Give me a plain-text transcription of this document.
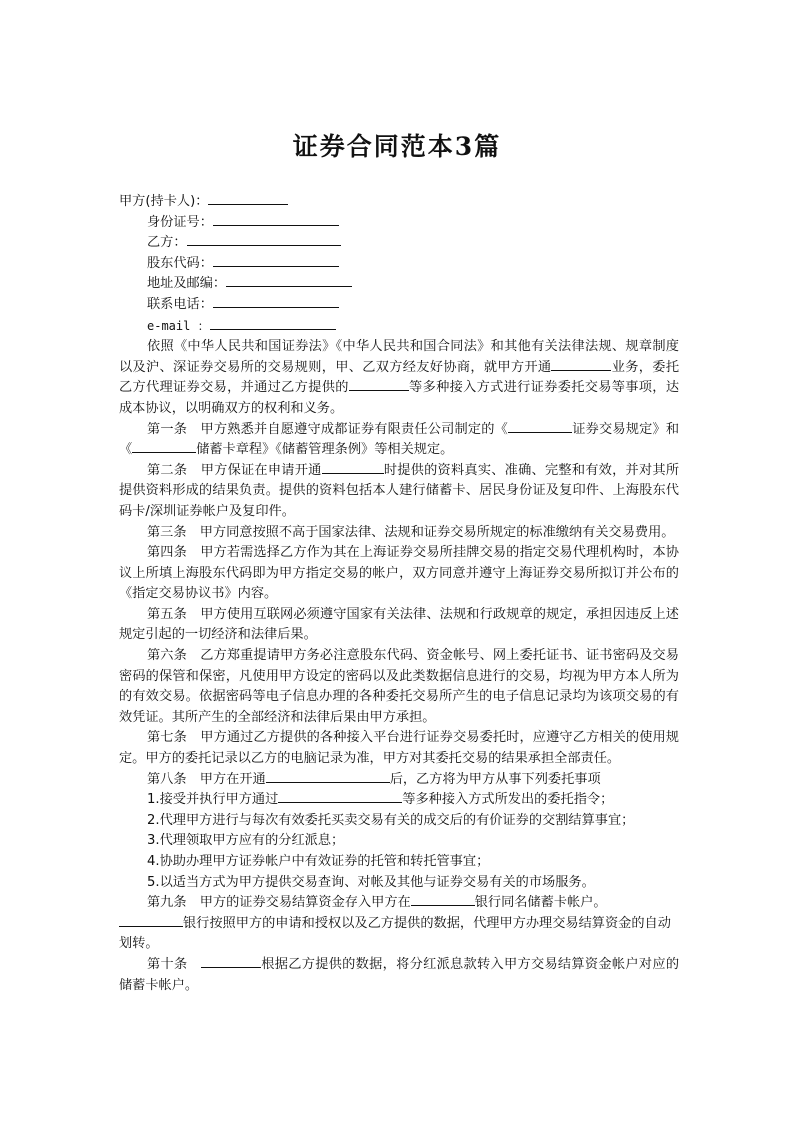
证券合同范本3篇
甲方(持卡人)：
身份证号：
乙方：
股东代码：
地址及邮编：
联系电话：
e-mail ：
依照《中华人民共和国证券法》《中华人民共和国合同法》和其他有关法律法规、规章制度以及沪、深证券交易所的交易规则，甲、乙双方经友好协商，就甲方开通	业务，委托乙方代理证券交易，并通过乙方提供的	等多种接入方式进行证券委托交易等事项，达成本协议，以明确双方的权利和义务。
第一条　甲方熟悉并自愿遵守成都证券有限责任公司制定的《	证券交易规定》和《	储蓄卡章程》《储蓄管理条例》等相关规定。
第二条　甲方保证在申请开通	时提供的资料真实、准确、完整和有效，并对其所提供资料形成的结果负责。提供的资料包括本人建行储蓄卡、居民身份证及复印件、上海股东代码卡/深圳证券帐户及复印件。
第三条　甲方同意按照不高于国家法律、法规和证券交易所规定的标准缴纳有关交易费用。
第四条　甲方若需选择乙方作为其在上海证券交易所挂牌交易的指定交易代理机构时，本协议上所填上海股东代码即为甲方指定交易的帐户，双方同意并遵守上海证券交易所拟订并公布的《指定交易协议书》内容。
第五条　甲方使用互联网必须遵守国家有关法律、法规和行政规章的规定，承担因违反上述规定引起的一切经济和法律后果。
第六条　乙方郑重提请甲方务必注意股东代码、资金帐号、网上委托证书、证书密码及交易密码的保管和保密，凡使用甲方设定的密码以及此类数据信息进行的交易，均视为甲方本人所为的有效交易。依据密码等电子信息办理的各种委托交易所产生的电子信息记录均为该项交易的有效凭证。其所产生的全部经济和法律后果由甲方承担。
第七条　甲方通过乙方提供的各种接入平台进行证券交易委托时，应遵守乙方相关的使用规定。甲方的委托记录以乙方的电脑记录为准，甲方对其委托交易的结果承担全部责任。
第八条　甲方在开通	后，乙方将为甲方从事下列委托事项
1.接受并执行甲方通过	等多种接入方式所发出的委托指令；
2.代理甲方进行与每次有效委托买卖交易有关的成交后的有价证券的交割结算事宜；
3.代理领取甲方应有的分红派息；
4.协助办理甲方证券帐户中有效证券的托管和转托管事宜；
5.以适当方式为甲方提供交易查询、对帐及其他与证券交易有关的市场服务。
第九条　甲方的证券交易结算资金存入甲方在	银行同名储蓄卡帐户。
银行按照甲方的申请和授权以及乙方提供的数据，代理甲方办理交易结算资金的自动划转。
第十条　	根据乙方提供的数据，将分红派息款转入甲方交易结算资金帐户对应的储蓄卡帐户。
